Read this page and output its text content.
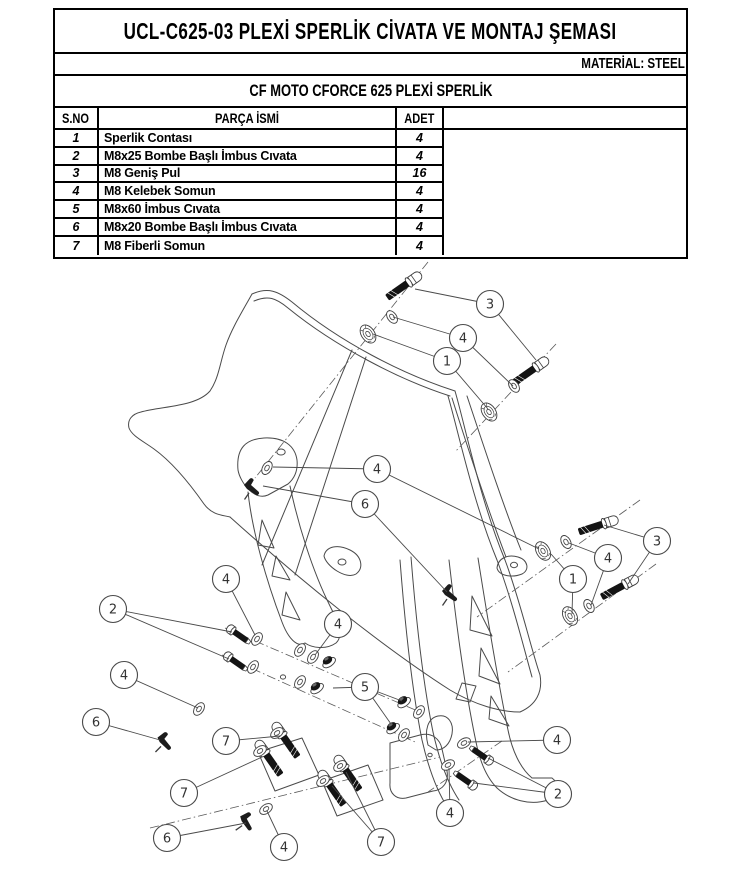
3
4
1
4
6
3
4
1
4
2
4
4
5
6
7	4
7	2
4
6
4	7
UCL-C625-03 PLEXİ SPERLİK CİVATA VE MONTAJ ŞEMASI
MATERİAL: STEEL
CF MOTO CFORCE 625 PLEXİ SPERLİK
S.NO	PARÇA İSMİ	ADET
1	Sperlik Contası	4
2	M8x25 Bombe Başlı İmbus Cıvata	4
3	M8 Geniş Pul	16
4	M8 Kelebek Somun	4
5	M8x60 İmbus Cıvata	4
6	M8x20 Bombe Başlı İmbus Cıvata	4
7	M8 Fiberli Somun	4
